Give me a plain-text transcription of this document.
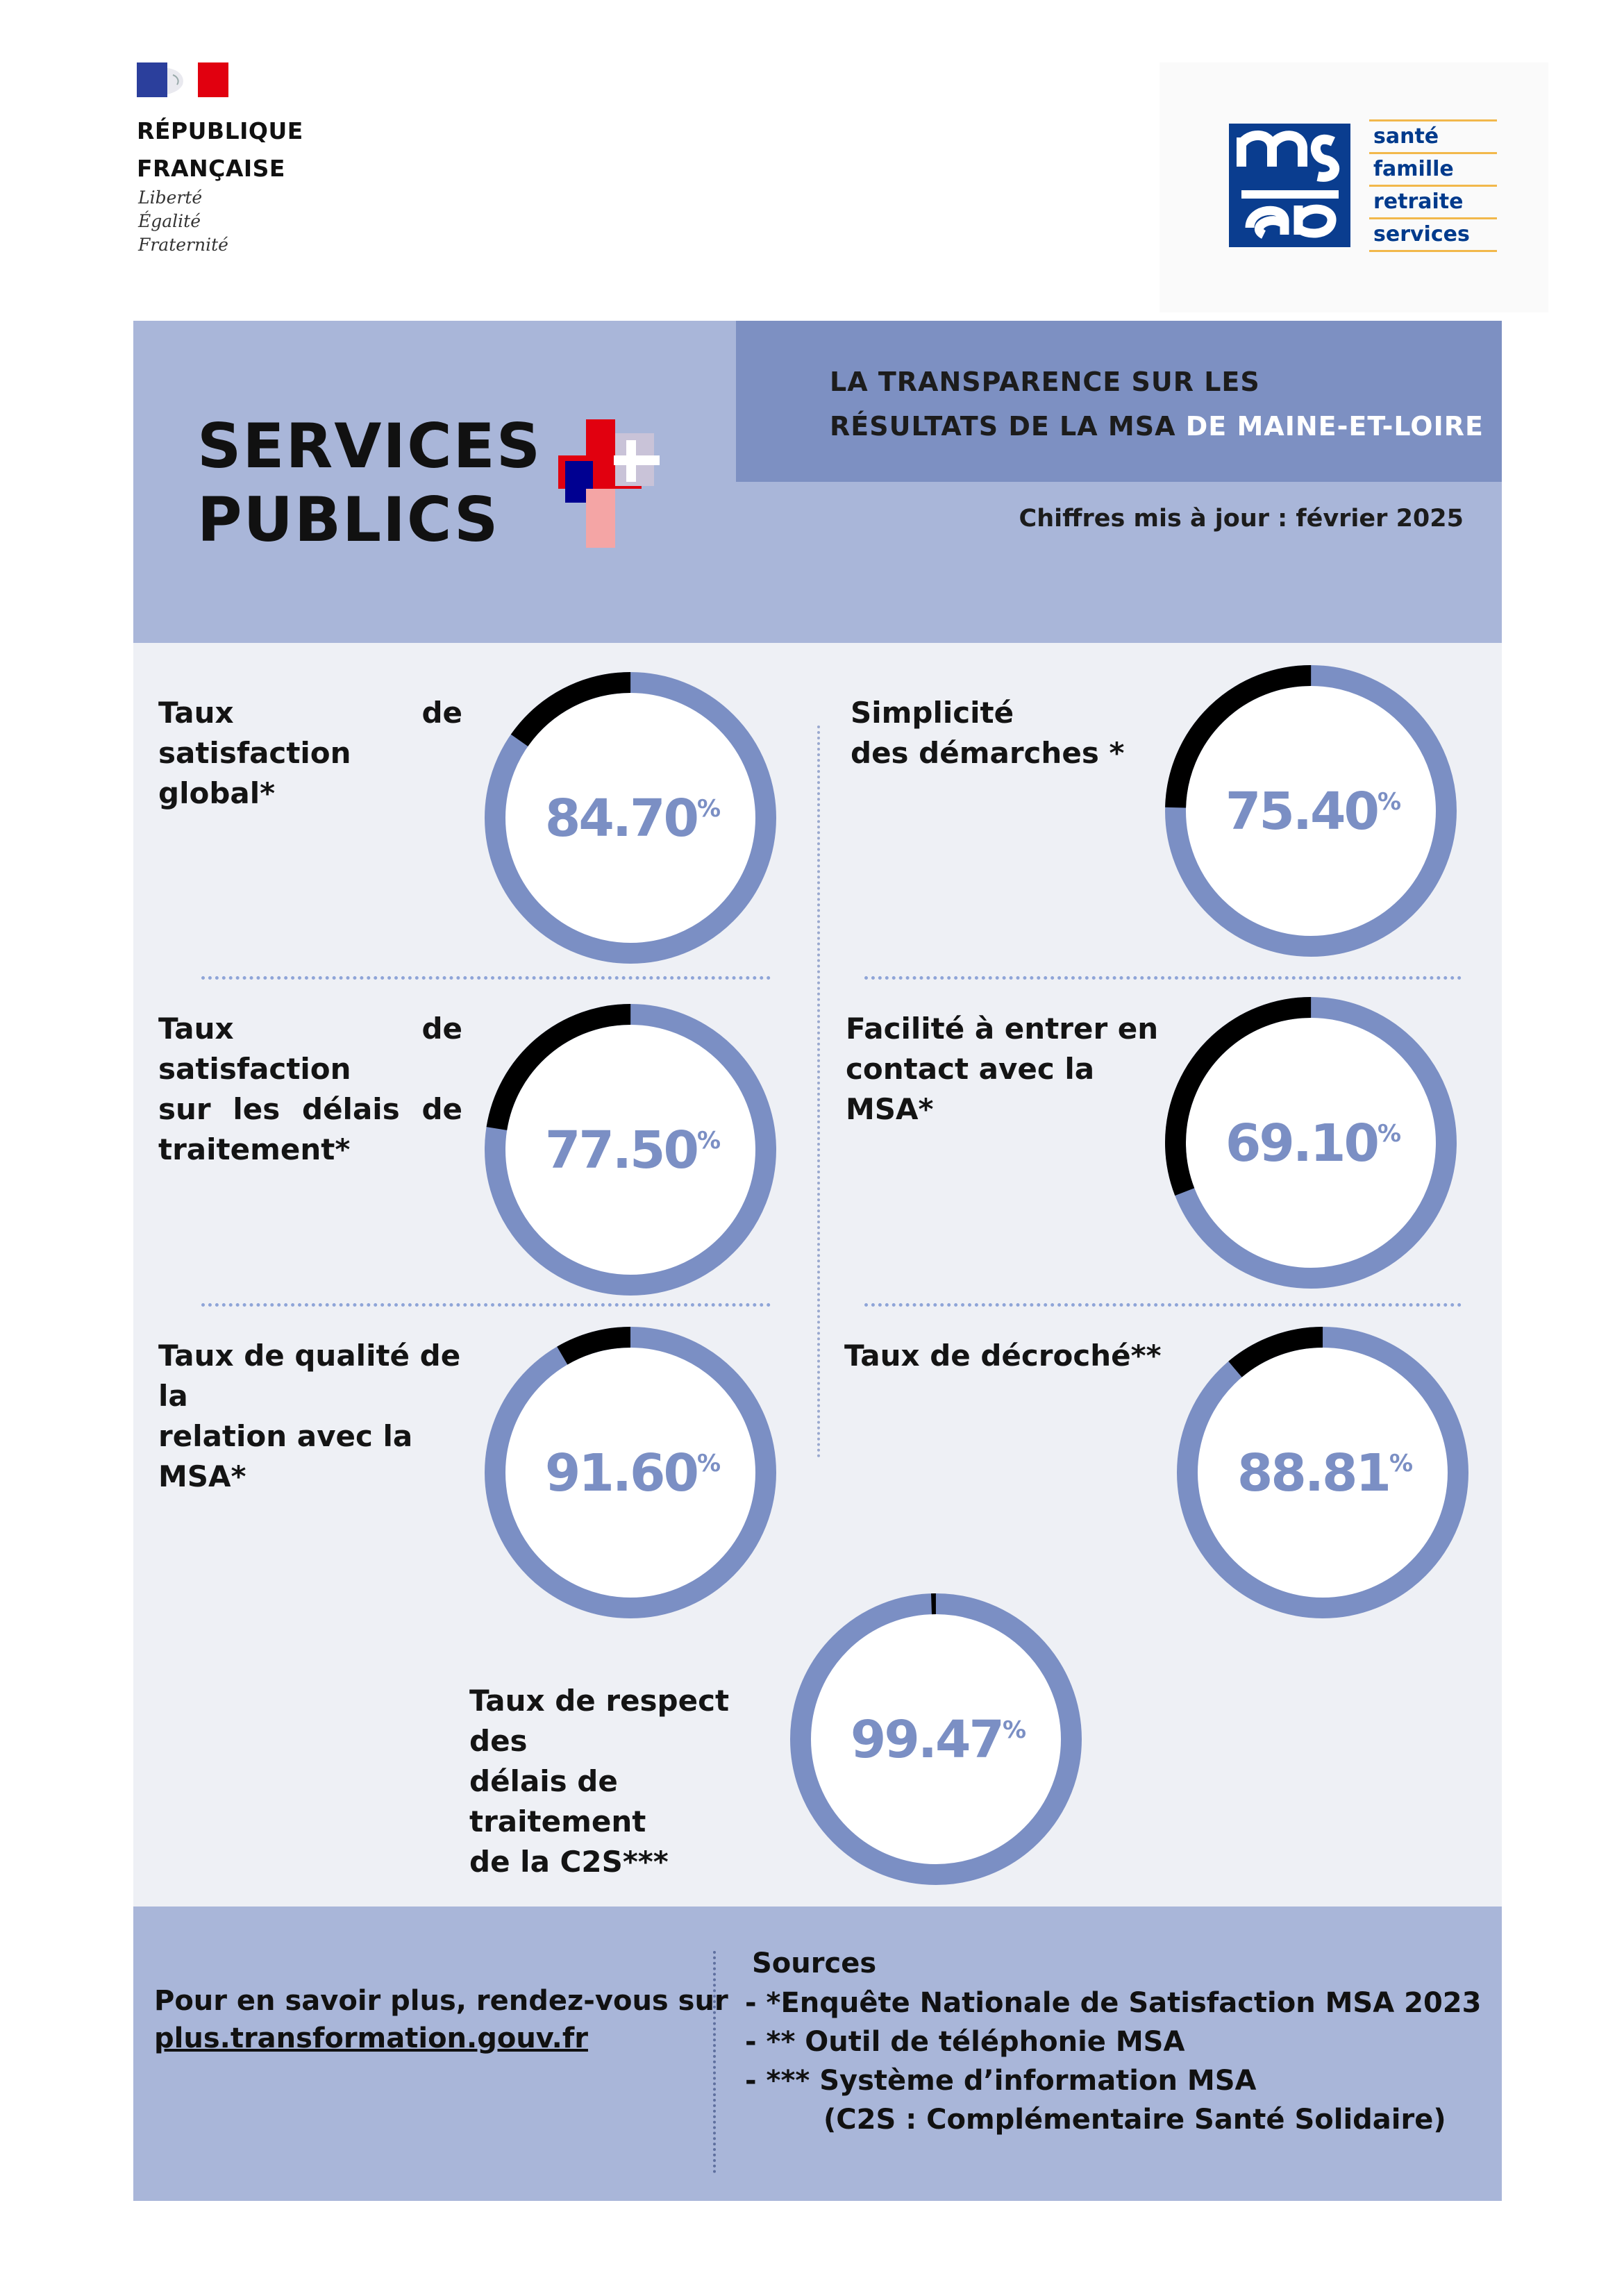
RÉPUBLIQUE
FRANÇAISE
Liberté
Égalité
Fraternité
santé
famille
retraite
services
LA TRANSPARENCE SUR LES
RÉSULTATS DE LA MSA DE MAINE-ET-LOIRE
SERVICES
PUBLICS	Chiffres mis à jour : février 2025
Taux de satisfaction
global*	84.70%
Simplicité
des démarches *
75.40%
Taux de satisfaction
sur les délais de
traitement*	77.50%
Facilité à entrer en
contact avec la MSA*
69.10%
Taux de qualité de la
relation avec la MSA*	91.60%
Taux de décroché**
88.81%
Taux de respect des
délais de traitement
de la C2S***
99.47%
Pour en savoir plus, rendez-vous sur
plus.transformation.gouv.fr
Sources
- *Enquête Nationale de Satisfaction MSA 2023
- ** Outil de téléphonie MSA
- *** Système d’information MSA
(C2S : Complémentaire Santé Solidaire)
